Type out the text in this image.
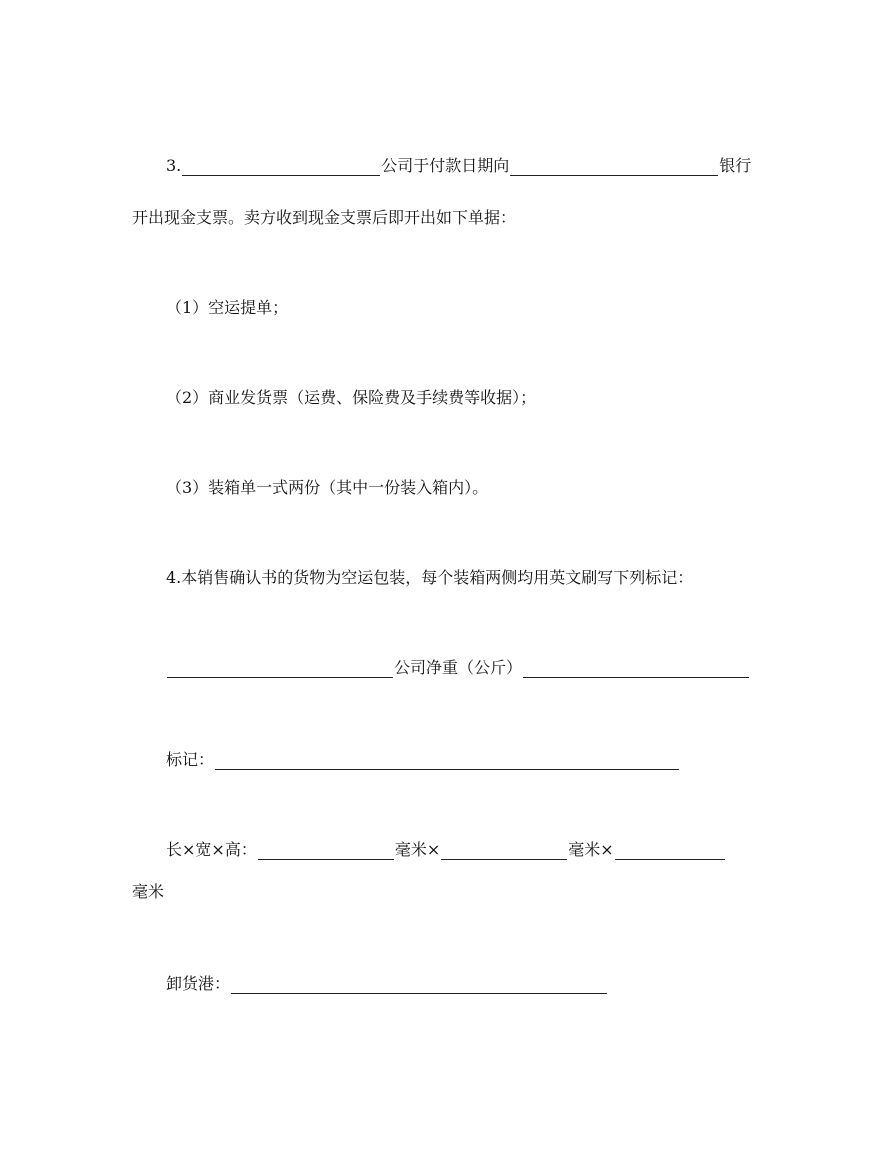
3.	公司于付款日期向	银行
开出现金支票。卖方收到现金支票后即开出如下单据：
（1）空运提单；
（2）商业发货票（运费、保险费及手续费等收据）；
（3）装箱单一式两份（其中一份装入箱内）。
4.本销售确认书的货物为空运包装，每个装箱两侧均用英文刷写下列标记：
公司净重（公斤）
标记：
长×宽×高：	毫米×	毫米×
毫米
卸货港：
